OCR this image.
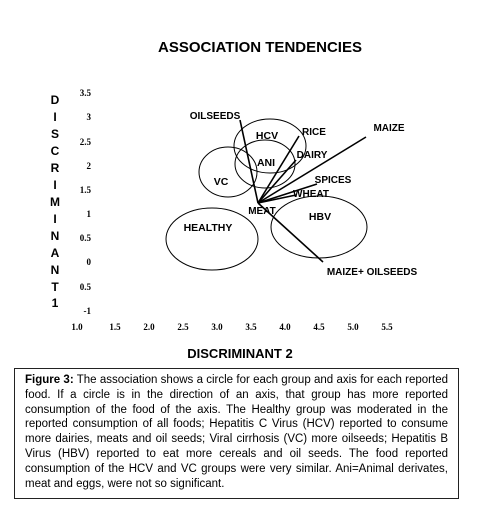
ASSOCIATION TENDENCIES
D
I
S
C
R
I
M
I
N
A
N
T
1
3.5
3
2.5
2
1.5
1
0.5
0
0.5
-1
1.0	1.5	2.0	2.5	3.0	3.5	4.0	4.5	5.0	5.5
HCV
ANI
VC
HBV
HEALTHY
OILSEEDS
RICE	MAIZE
DAIRY
SPICES
WHEAT
MAIZE+ OILSEEDS
MEAT
DISCRIMINANT 2
Figure 3: The association shows a circle for each group and axis for each reported food. If a circle is in the direction of an axis, that group has more reported consumption of the food of the axis. The Healthy group was moderated in the reported consumption of all foods; Hepatitis C Virus (HCV) reported to consume more dairies, meats and oil seeds; Viral cirrhosis (VC) more oilseeds; Hepatitis B Virus (HBV) reported to eat more cereals and oil seeds. The food reported consumption of the HCV and VC groups were very similar. Ani=Animal derivates, meat and eggs, were not so significant.
